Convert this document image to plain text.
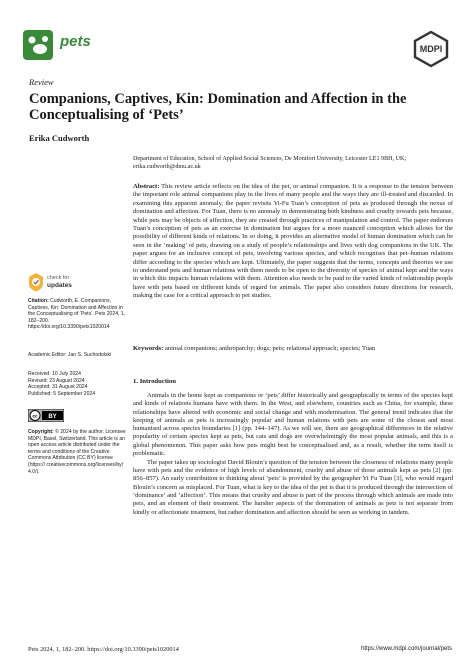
pets	MDPI
Review
Companions, Captives, Kin: Domination and Affection in the Conceptualising of ‘Pets’
Erika Cudworth
Department of Education, School of Applied Social Sciences, De Montfort University, Leicester LE1 9BH, UK; erika.cudworth@dmu.ac.uk

Abstract: This review article reflects on the idea of the pet, or animal companion. It is a response to the tension between the important role animal companions play in the lives of many people and the ways they are ill-treated and discarded. In examining this apparent anomaly, the paper revisits Yi-Fu Tuan’s conception of pets as produced through the nexus of domination and affection. For Tuan, there is no anomaly in demonstrating both kindness and cruelty towards pets because, while pets may be objects of affection, they are created through practices of manipulation and control. The paper endorses Tuan’s conception of pets as an exercise in domination but argues for a more nuanced conception which allows for the possibility of different kinds of relations. In so doing, it provides an alternative model of human domination which can be seen in the ‘making’ of pets, drawing on a study of people’s relationships and lives with dog companions in the UK. The paper argues for an inclusive concept of pets, involving various species, and which recognises that pet–human relations differ according to the species which are kept. Ultimately, the paper suggests that the terms, concepts and theories we use to understand pets and human relations with them needs to be open to the diversity of species of animal kept and the ways in which this impacts human relations with them. Attention also needs to be paid to the varied kinds of relationship people have with pets based on different kinds of regard for animals. The paper also considers future directions for research, making the case for a critical approach to pet studies.

Keywords: animal companions; anthroparchy; dogs; pets; relational approach; species; Tuan
check for
updates
Citation: Cudworth, E. Companions, Captives, Kin: Domination and Affection in the Conceptualising of ‘Pets’. Pets 2024, 1, 182–200. https://doi.org/10.3390/pets1020014
Academic Editor: Jan S. Suchodolski
Received: 10 July 2024
Revised: 23 August 2024
Accepted: 31 August 2024
Published: 5 September 2024
cc BY
Copyright: © 2024 by the author. Licensee MDPI, Basel, Switzerland. This article is an open access article distributed under the terms and conditions of the Creative Commons Attribution (CC BY) license (https:// creativecommons.org/licenses/by/ 4.0/).
1. Introduction

Animals in the home kept as companions or ‘pets’ differ historically and geographically in terms of the species kept and kinds of relations humans have with them. In the West, and elsewhere, countries such as China, for example, these relationships have altered with economic and social change and with modernisation. The general trend indicates that the keeping of animals as pets is increasingly popular and human relations with pets are some of the closest and most humanised across species boundaries [1] (pp. 144–147). As we will see, there are geographical differences in the relative popularity of certain species kept as pets, but cats and dogs are overwhelmingly the most popular animals, and this is a global phenomenon. This paper asks how pets might best be conceptualised and, as a result, whether the term itself is problematic.

The paper takes up sociologist David Blouin’s question of the tension between the closeness of relations many people have with pets and the evidence of high levels of abandonment, cruelty and abuse of those animals kept as pets [2] (pp. 856–857). An early contribution to thinking about ‘pets’ is provided by the geographer Yi Fu Tuan [3], who would regard Blouin’s concern as misplaced. For Tuan, what is key to the idea of the pet is that it is produced through the intersection of ‘dominance’ and ‘affection’. This means that cruelty and abuse is part of the process through which animals are made into pets, and an element of their treatment. The harsher aspects of the domination of animals as pets is not separate from kindly or affectionate treatment, but rather domination and affection should be seen as working in tandem.

Pets 2024, 1, 182–200. https://doi.org/10.3390/pets1020014	https://www.mdpi.com/journal/pets
